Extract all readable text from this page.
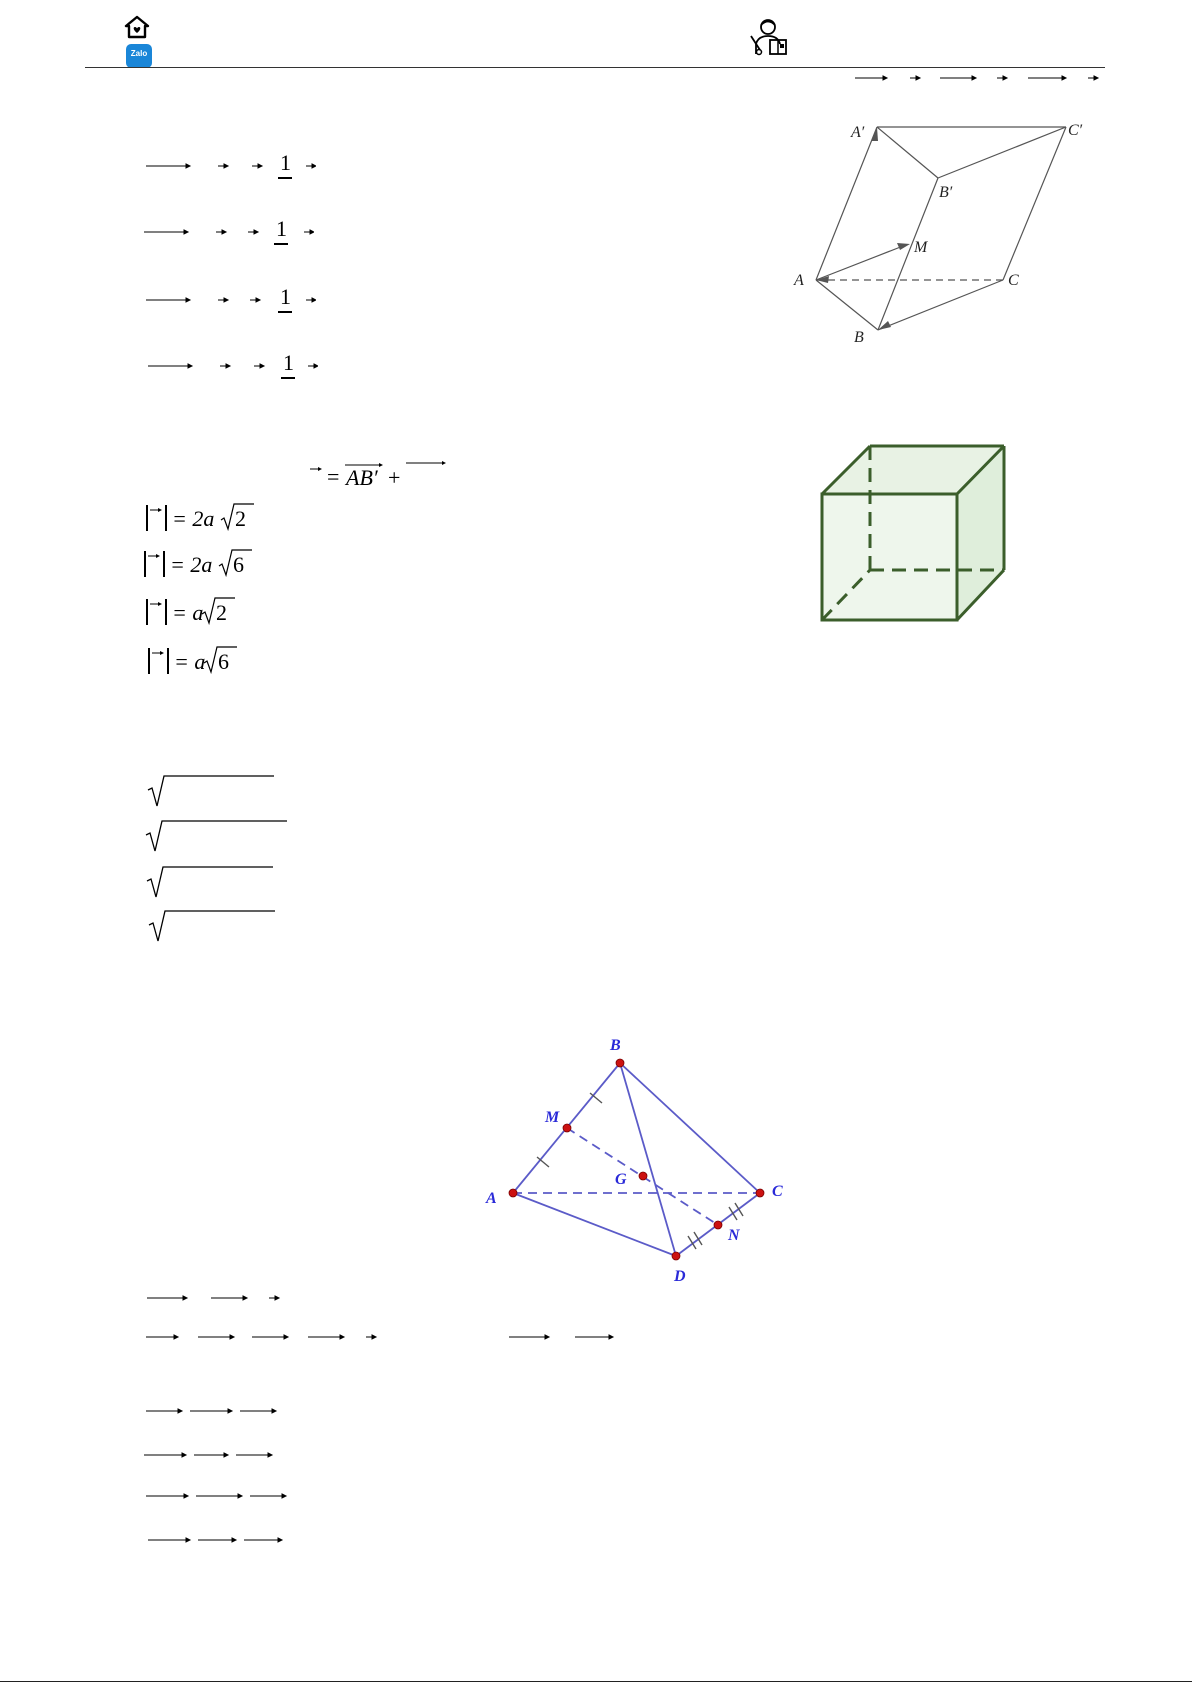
Zalo
1
1
1
1
A′	C′
B′
M
A	C
B
= AB′ +
= 2a 2
= 2a 6
= a 2
= a 6
B
M
A
G
C
N
D
